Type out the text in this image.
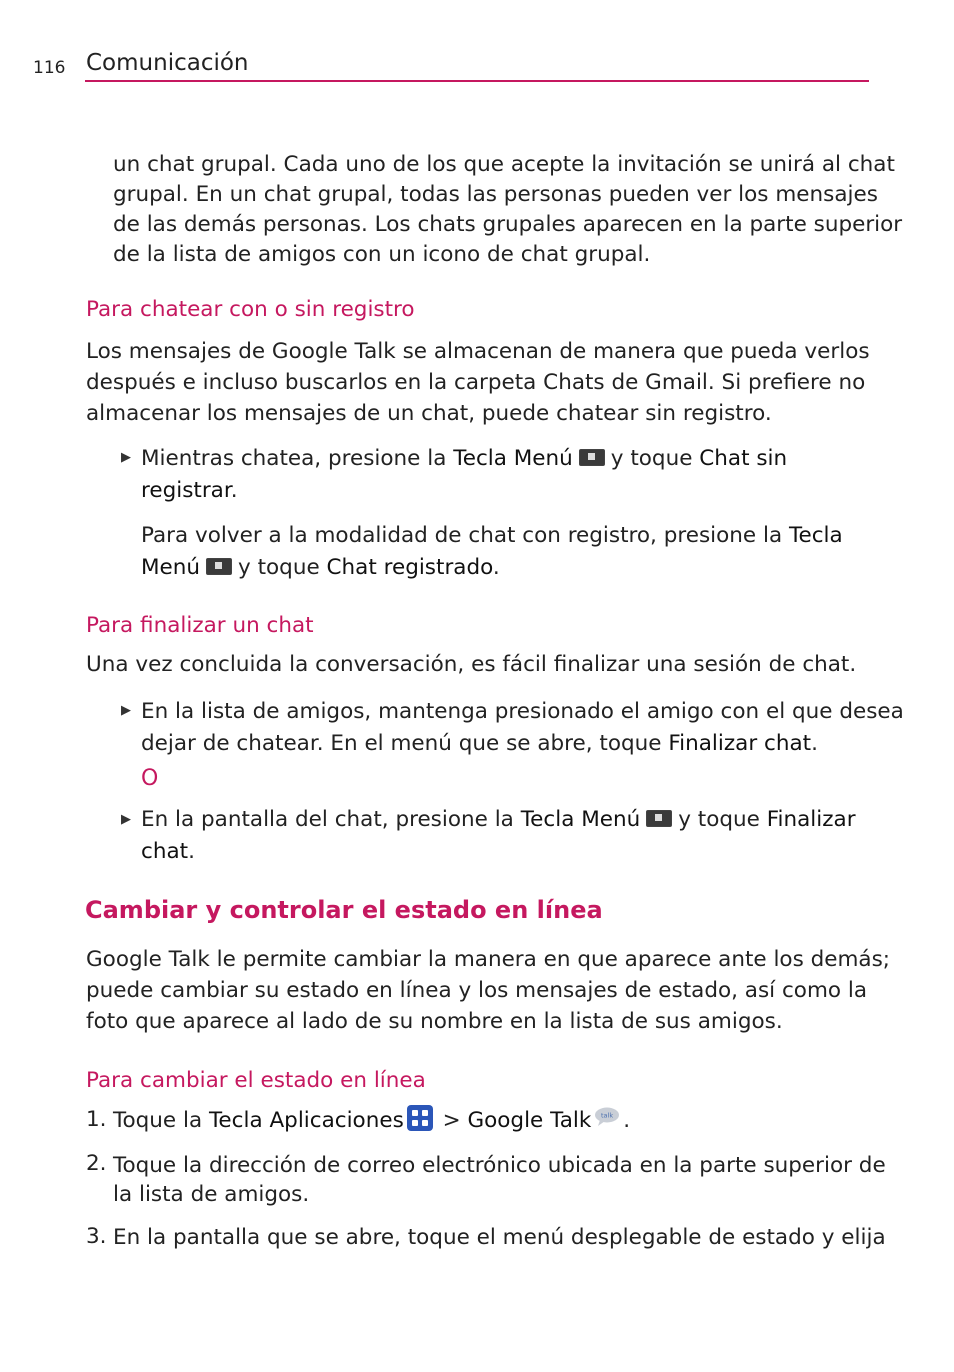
116 Comunicación
un chat grupal. Cada uno de los que acepte la invitación se unirá al chat
grupal. En un chat grupal, todas las personas pueden ver los mensajes
de las demás personas. Los chats grupales aparecen en la parte superior
de la lista de amigos con un icono de chat grupal.
Para chatear con o sin registro
Los mensajes de Google Talk se almacenan de manera que pueda verlos
después e incluso buscarlos en la carpeta Chats de Gmail. Si prefiere no
almacenar los mensajes de un chat, puede chatear sin registro.
▶ Mientras chatea, presione la Tecla Menú y toque Chat sin
registrar.
Para volver a la modalidad de chat con registro, presione la Tecla
Menú y toque Chat registrado.
Para finalizar un chat
Una vez concluida la conversación, es fácil finalizar una sesión de chat.
▶ En la lista de amigos, mantenga presionado el amigo con el que desea
dejar de chatear. En el menú que se abre, toque Finalizar chat.
O
▶ En la pantalla del chat, presione la Tecla Menú y toque Finalizar
chat.
Cambiar y controlar el estado en línea
Google Talk le permite cambiar la manera en que aparece ante los demás;
puede cambiar su estado en línea y los mensajes de estado, así como la
foto que aparece al lado de su nombre en la lista de sus amigos.
Para cambiar el estado en línea
1. Toque la Tecla Aplicaciones > Google Talk talk .
2. Toque la dirección de correo electrónico ubicada en la parte superior de
la lista de amigos.
3. En la pantalla que se abre, toque el menú desplegable de estado y elija
